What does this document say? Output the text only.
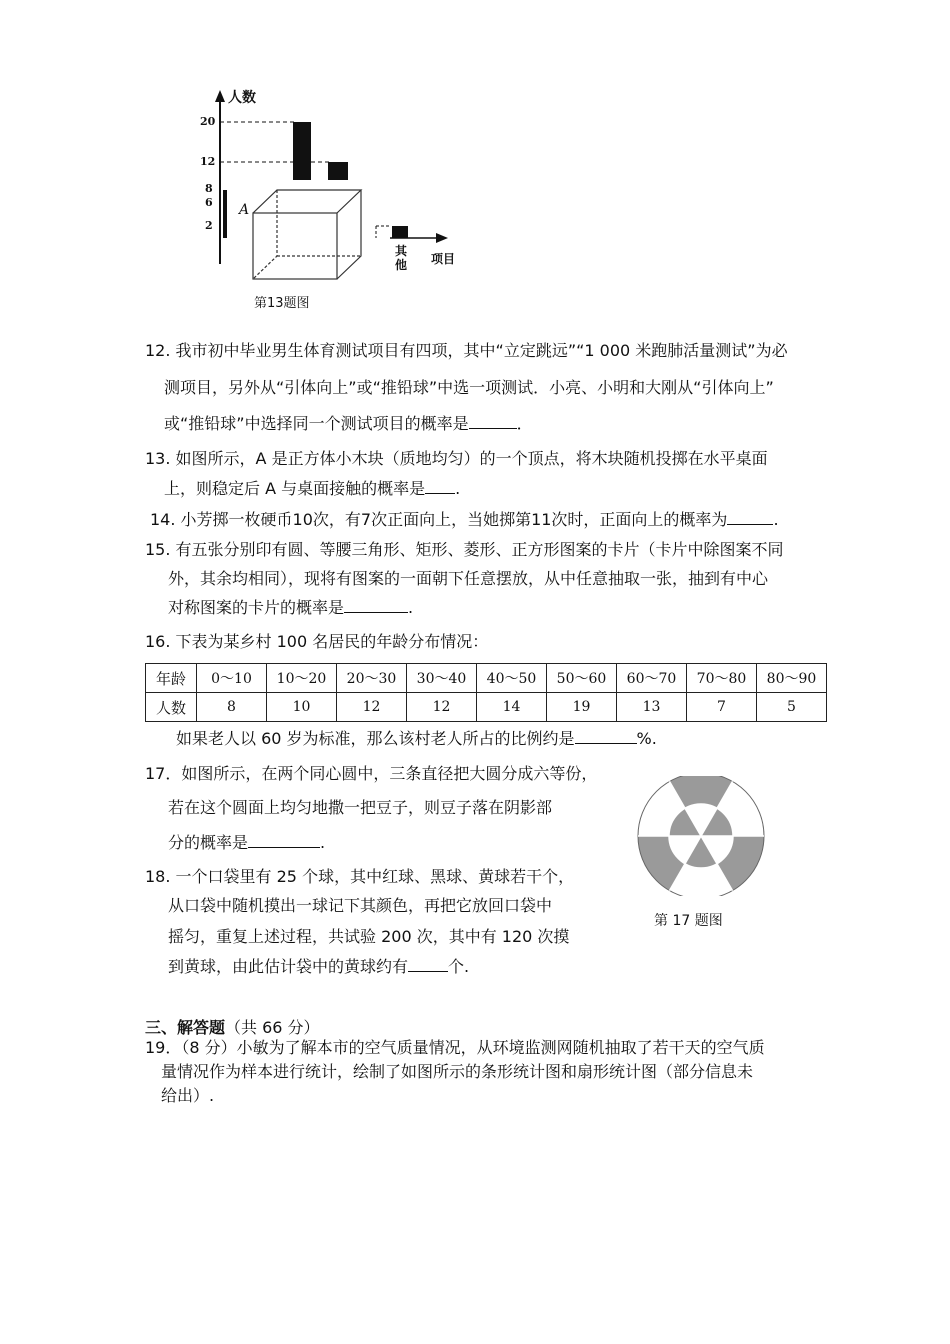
人数
20
12
8
6
2
A
其他 项目
第13题图
12. 我市初中毕业男生体育测试项目有四项，其中“立定跳远”“1 000 米跑肺活量测试”为必
测项目，另外从“引体向上”或“推铅球”中选一项测试．小亮、小明和大刚从“引体向上”
或“推铅球”中选择同一个测试项目的概率是	．
13. 如图所示，A 是正方体小木块（质地均匀）的一个顶点，将木块随机投掷在水平桌面
上，则稳定后 A 与桌面接触的概率是 .
14. 小芳掷一枚硬币10次，有7次正面向上，当她掷第11次时，正面向上的概率为	.
15. 有五张分别印有圆、等腰三角形、矩形、菱形、正方形图案的卡片（卡片中除图案不同
外，其余均相同），现将有图案的一面朝下任意摆放，从中任意抽取一张，抽到有中心
对称图案的卡片的概率是	.
16. 下表为某乡村 100 名居民的年龄分布情况：
年龄	0～10	10～20	20～30	30～40	40～50	50～60	60～70	70～80	80～90
人数	8	10	12	12	14	19	13	7	5
如果老人以 60 岁为标准，那么该村老人所占的比例约是	%.
17．如图所示，在两个同心圆中，三条直径把大圆分成六等份，
若在这个圆面上均匀地撒一把豆子，则豆子落在阴影部
分的概率是	.
第 17 题图
18. 一个口袋里有 25 个球，其中红球、黑球、黄球若干个，
从口袋中随机摸出一球记下其颜色，再把它放回口袋中
摇匀，重复上述过程，共试验 200 次，其中有 120 次摸
到黄球，由此估计袋中的黄球约有	个.
三、解答题（共 66 分）
19．（8 分）小敏为了解本市的空气质量情况，从环境监测网随机抽取了若干天的空气质
量情况作为样本进行统计，绘制了如图所示的条形统计图和扇形统计图（部分信息未
给出）.
